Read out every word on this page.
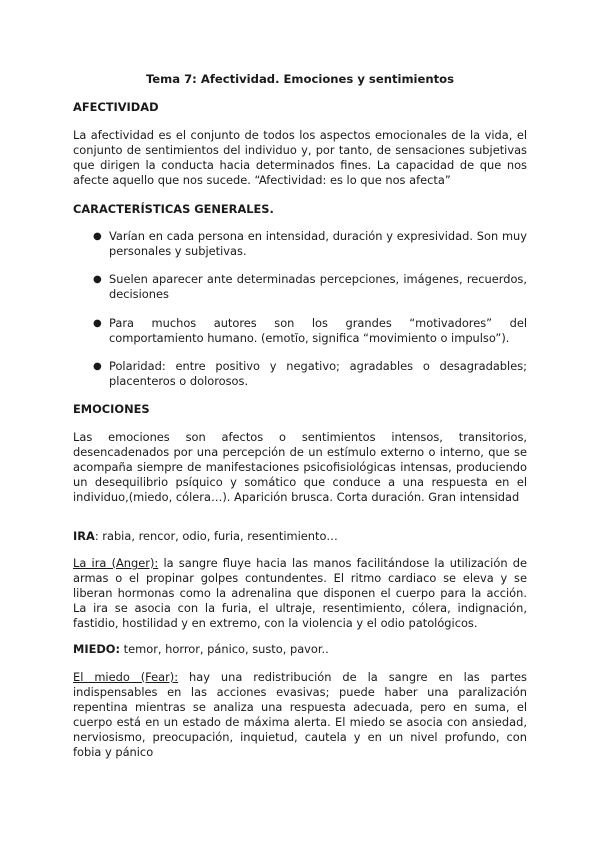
Tema 7: Afectividad. Emociones y sentimientos
AFECTIVIDAD
La afectividad es el conjunto de todos los aspectos emocionales de la vida, el conjunto de sentimientos del individuo y, por tanto, de sensaciones subjetivas que dirigen la conducta hacia determinados fines. La capacidad de que nos afecte aquello que nos sucede. “Afectividad: es lo que nos afecta”
CARACTERÍSTICAS GENERALES.
● Varían en cada persona en intensidad, duración y expresividad. Son muy personales y subjetivas.
● Suelen aparecer ante determinadas percepciones, imágenes, recuerdos, decisiones
● Para muchos autores son los grandes “motivadores” del comportamiento humano. (emotĭo, significa “movimiento o impulso”).
● Polaridad: entre positivo y negativo; agradables o desagradables; placenteros o dolorosos.
EMOCIONES
Las emociones son afectos o sentimientos intensos, transitorios, desencadenados por una percepción de un estímulo externo o interno, que se acompaña siempre de manifestaciones psicofisiológicas intensas, produciendo un desequilibrio psíquico y somático que conduce a una respuesta en el individuo,(miedo, cólera…). Aparición brusca. Corta duración. Gran intensidad
IRA: rabia, rencor, odio, furia, resentimiento…
La ira (Anger): la sangre fluye hacia las manos facilitándose la utilización de armas o el propinar golpes contundentes. El ritmo cardiaco se eleva y se liberan hormonas como la adrenalina que disponen el cuerpo para la acción. La ira se asocia con la furia, el ultraje, resentimiento, cólera, indignación, fastidio, hostilidad y en extremo, con la violencia y el odio patológicos.
MIEDO: temor, horror, pánico, susto, pavor..
El miedo (Fear): hay una redistribución de la sangre en las partes indispensables en las acciones evasivas; puede haber una paralización repentina mientras se analiza una respuesta adecuada, pero en suma, el cuerpo está en un estado de máxima alerta. El miedo se asocia con ansiedad, nerviosismo, preocupación, inquietud, cautela y en un nivel profundo, con fobia y pánico
